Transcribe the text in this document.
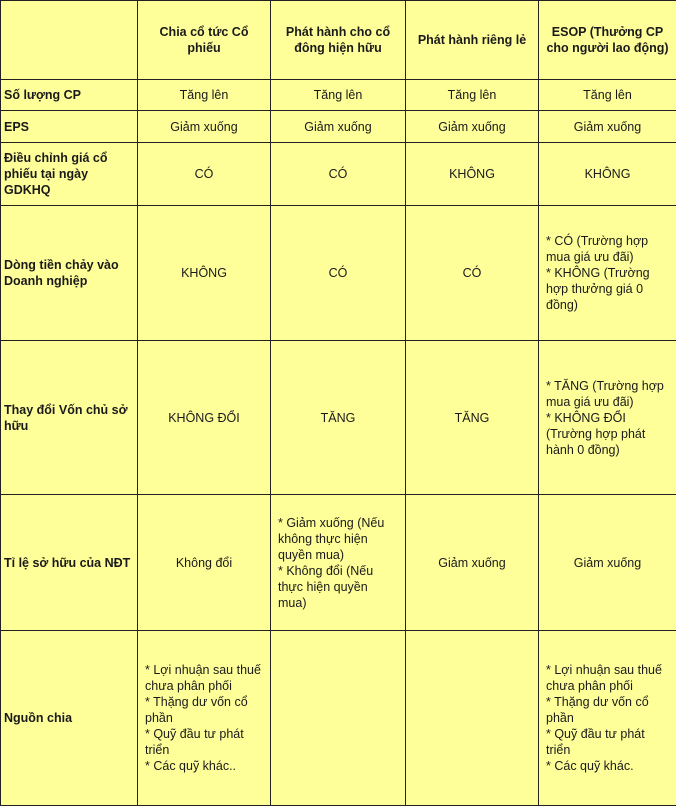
	Chia cổ tức Cổ phiếu	Phát hành cho cổ đông hiện hữu	Phát hành riêng lẻ	ESOP (Thưởng CP cho người lao động)
Số lượng CP	Tăng lên	Tăng lên	Tăng lên	Tăng lên
EPS	Giảm xuống	Giảm xuống	Giảm xuống	Giảm xuống
Điều chỉnh giá cổ phiếu tại ngày GDKHQ	CÓ	CÓ	KHÔNG	KHÔNG
Dòng tiền chảy vào Doanh nghiệp	KHÔNG	CÓ	CÓ	* CÓ (Trường hợp mua giá ưu đãi)
* KHÔNG (Trường hợp thưởng giá 0 đồng)

Thay đổi Vốn chủ sở hữu	KHÔNG ĐỔI	TĂNG	TĂNG	* TĂNG (Trường hợp mua giá ưu đãi)
* KHÔNG ĐỔI (Trường hợp phát hành 0 đồng)

Tỉ lệ sở hữu của NĐT	Không đổi	* Giảm xuống (Nếu không thực hiện quyền mua)
* Không đổi (Nếu thực hiện quyền mua)	Giảm xuống	Giảm xuống
Nguồn chia	* Lợi nhuận sau thuế chưa phân phối
* Thặng dư vốn cổ phần
* Quỹ đầu tư phát triển
* Các quỹ khác..			* Lợi nhuận sau thuế chưa phân phối
* Thặng dư vốn cổ phần
* Quỹ đầu tư phát triển
* Các quỹ khác.
